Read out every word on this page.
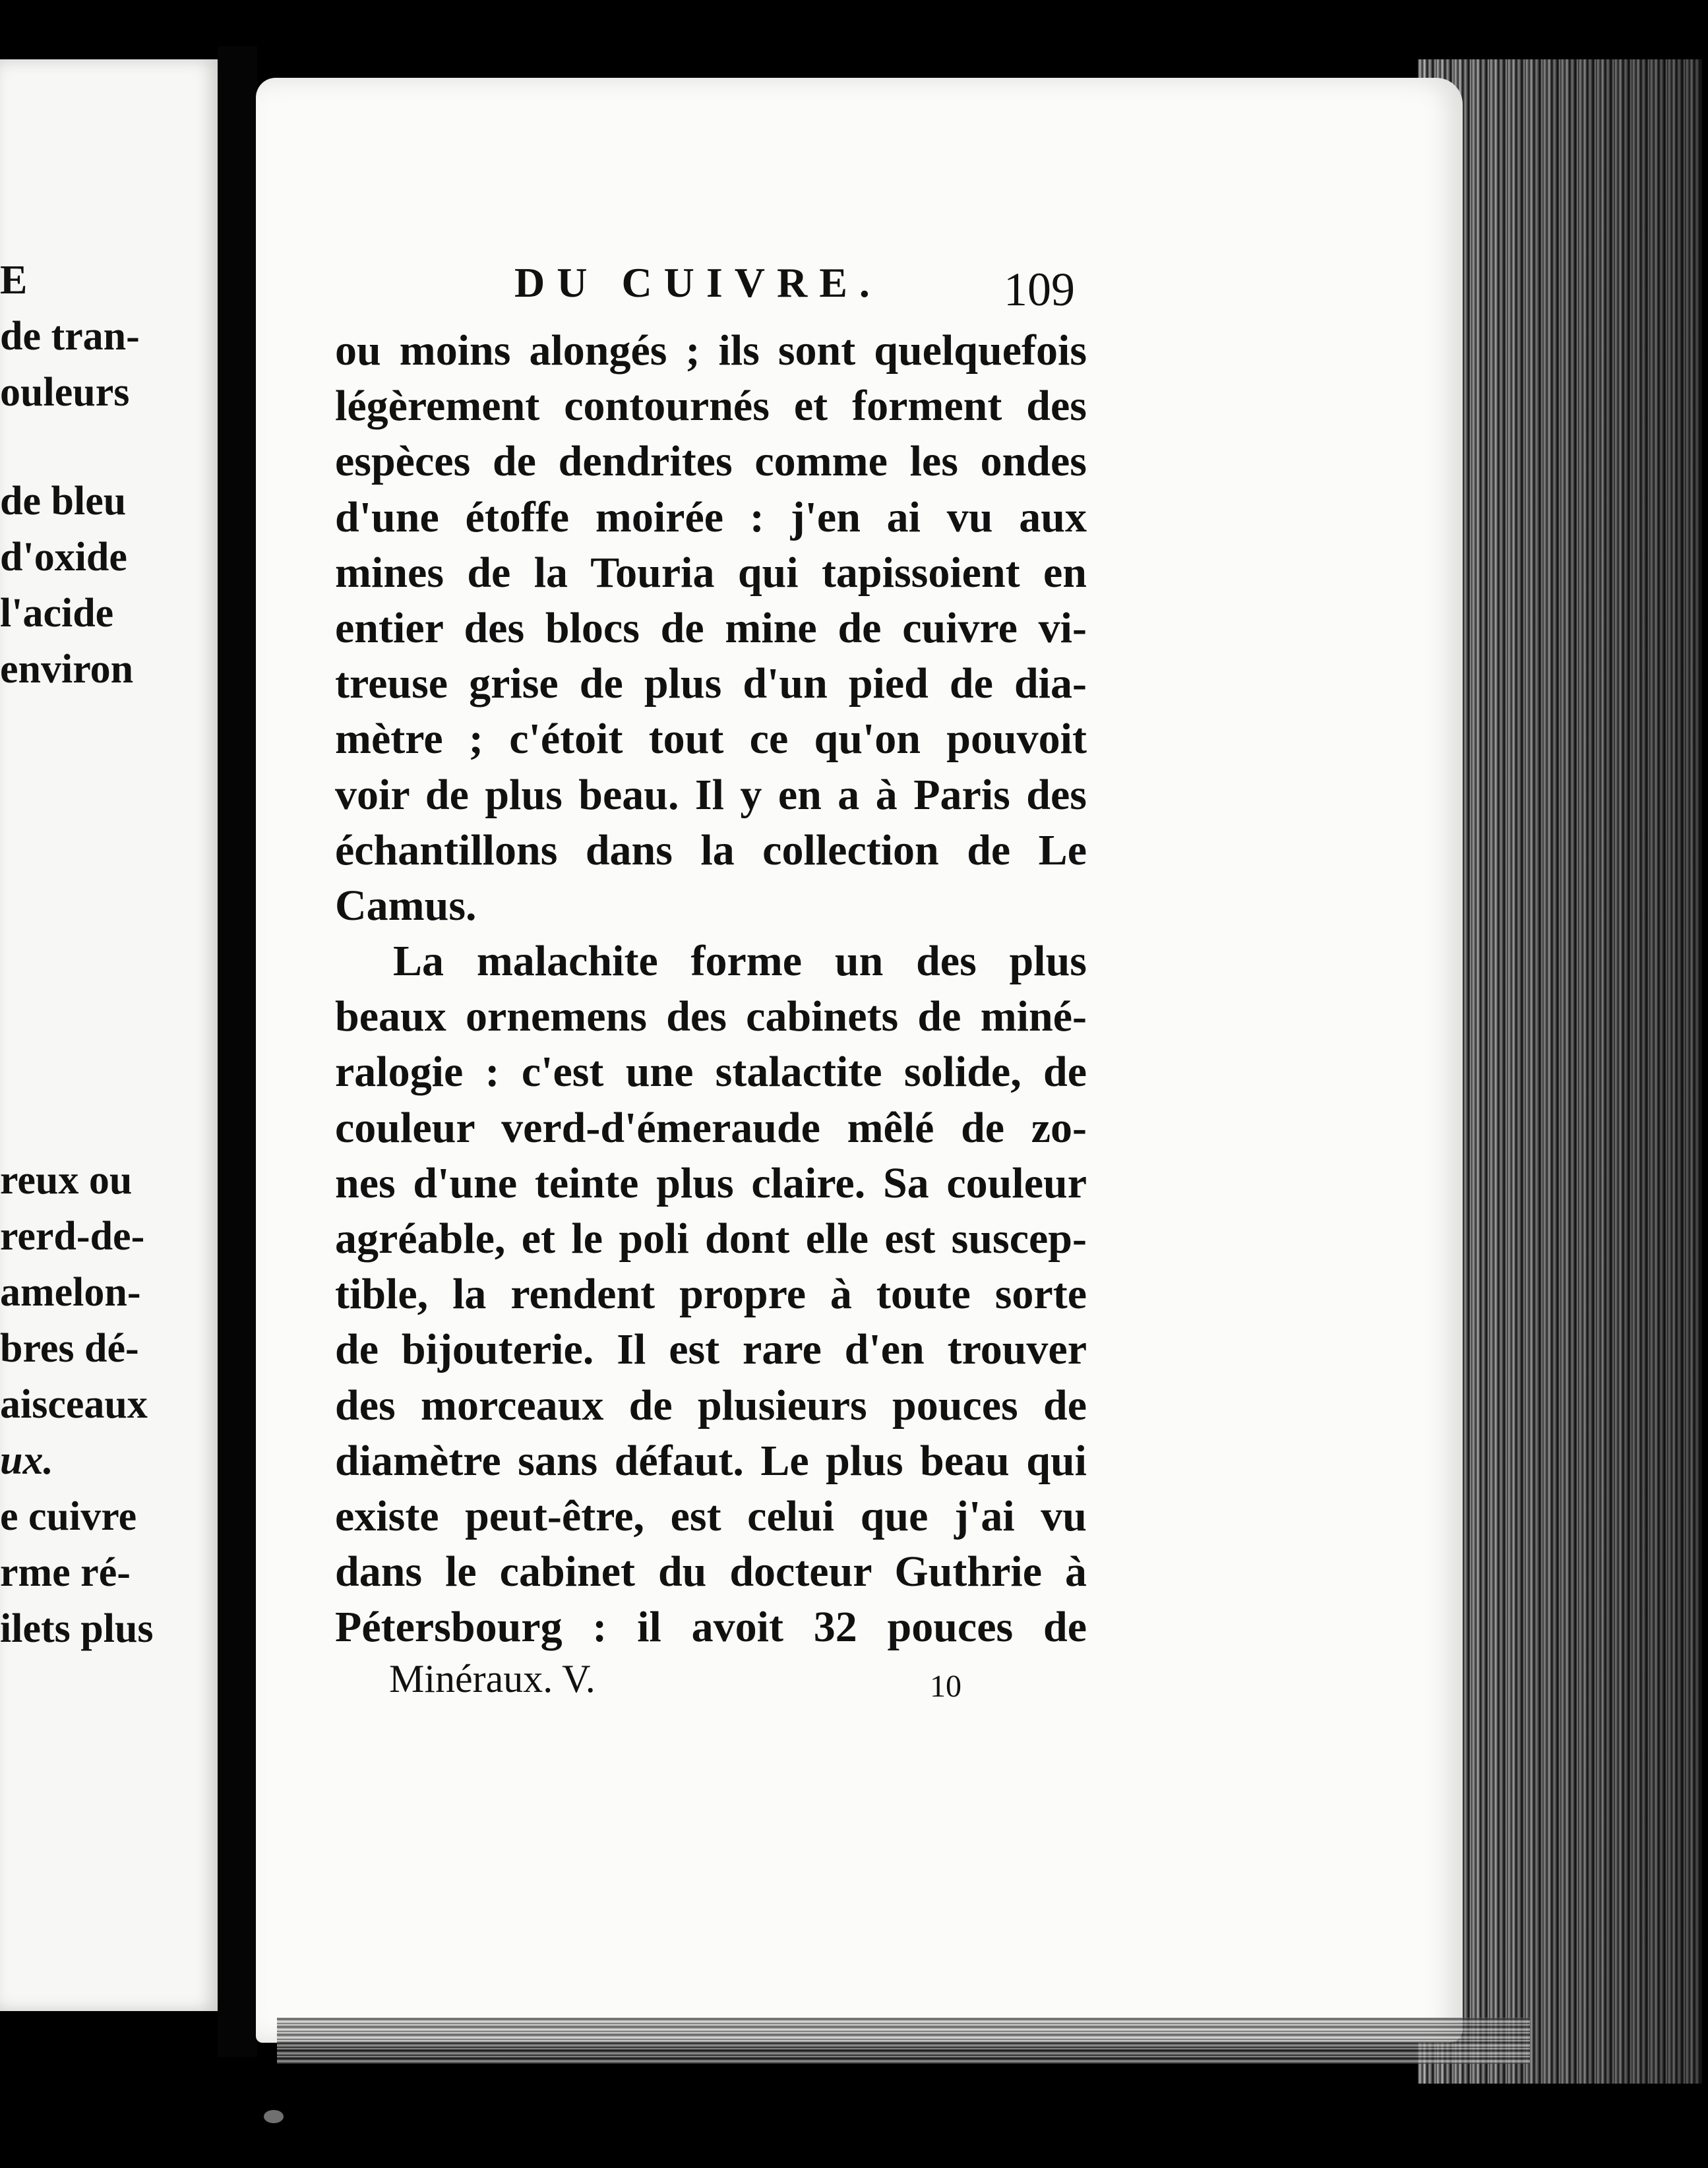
E
de tran-
ouleurs
de bleu
d'oxide
l'acide
environ
reux ou
rerd-de-
amelon-
bres dé-
aisceaux
ux.
e cuivre
rme ré-
ilets plus
DU CUIVRE.	109
ou moins alongés ; ils sont quelquefois
légèrement contournés et forment des
espèces de dendrites comme les ondes
d'une étoffe moirée : j'en ai vu aux
mines de la Touria qui tapissoient en
entier des blocs de mine de cuivre vi-
treuse grise de plus d'un pied de dia-
mètre ; c'étoit tout ce qu'on pouvoit
voir de plus beau. Il y en a à Paris des
échantillons dans la collection de Le
Camus.
La malachite forme un des plus
beaux ornemens des cabinets de miné-
ralogie : c'est une stalactite solide, de
couleur verd-d'émeraude mêlé de zo-
nes d'une teinte plus claire. Sa couleur
agréable, et le poli dont elle est suscep-
tible, la rendent propre à toute sorte
de bijouterie. Il est rare d'en trouver
des morceaux de plusieurs pouces de
diamètre sans défaut. Le plus beau qui
existe peut-être, est celui que j'ai vu
dans le cabinet du docteur Guthrie à
Pétersbourg : il avoit 32 pouces de
Minéraux. V.	10
